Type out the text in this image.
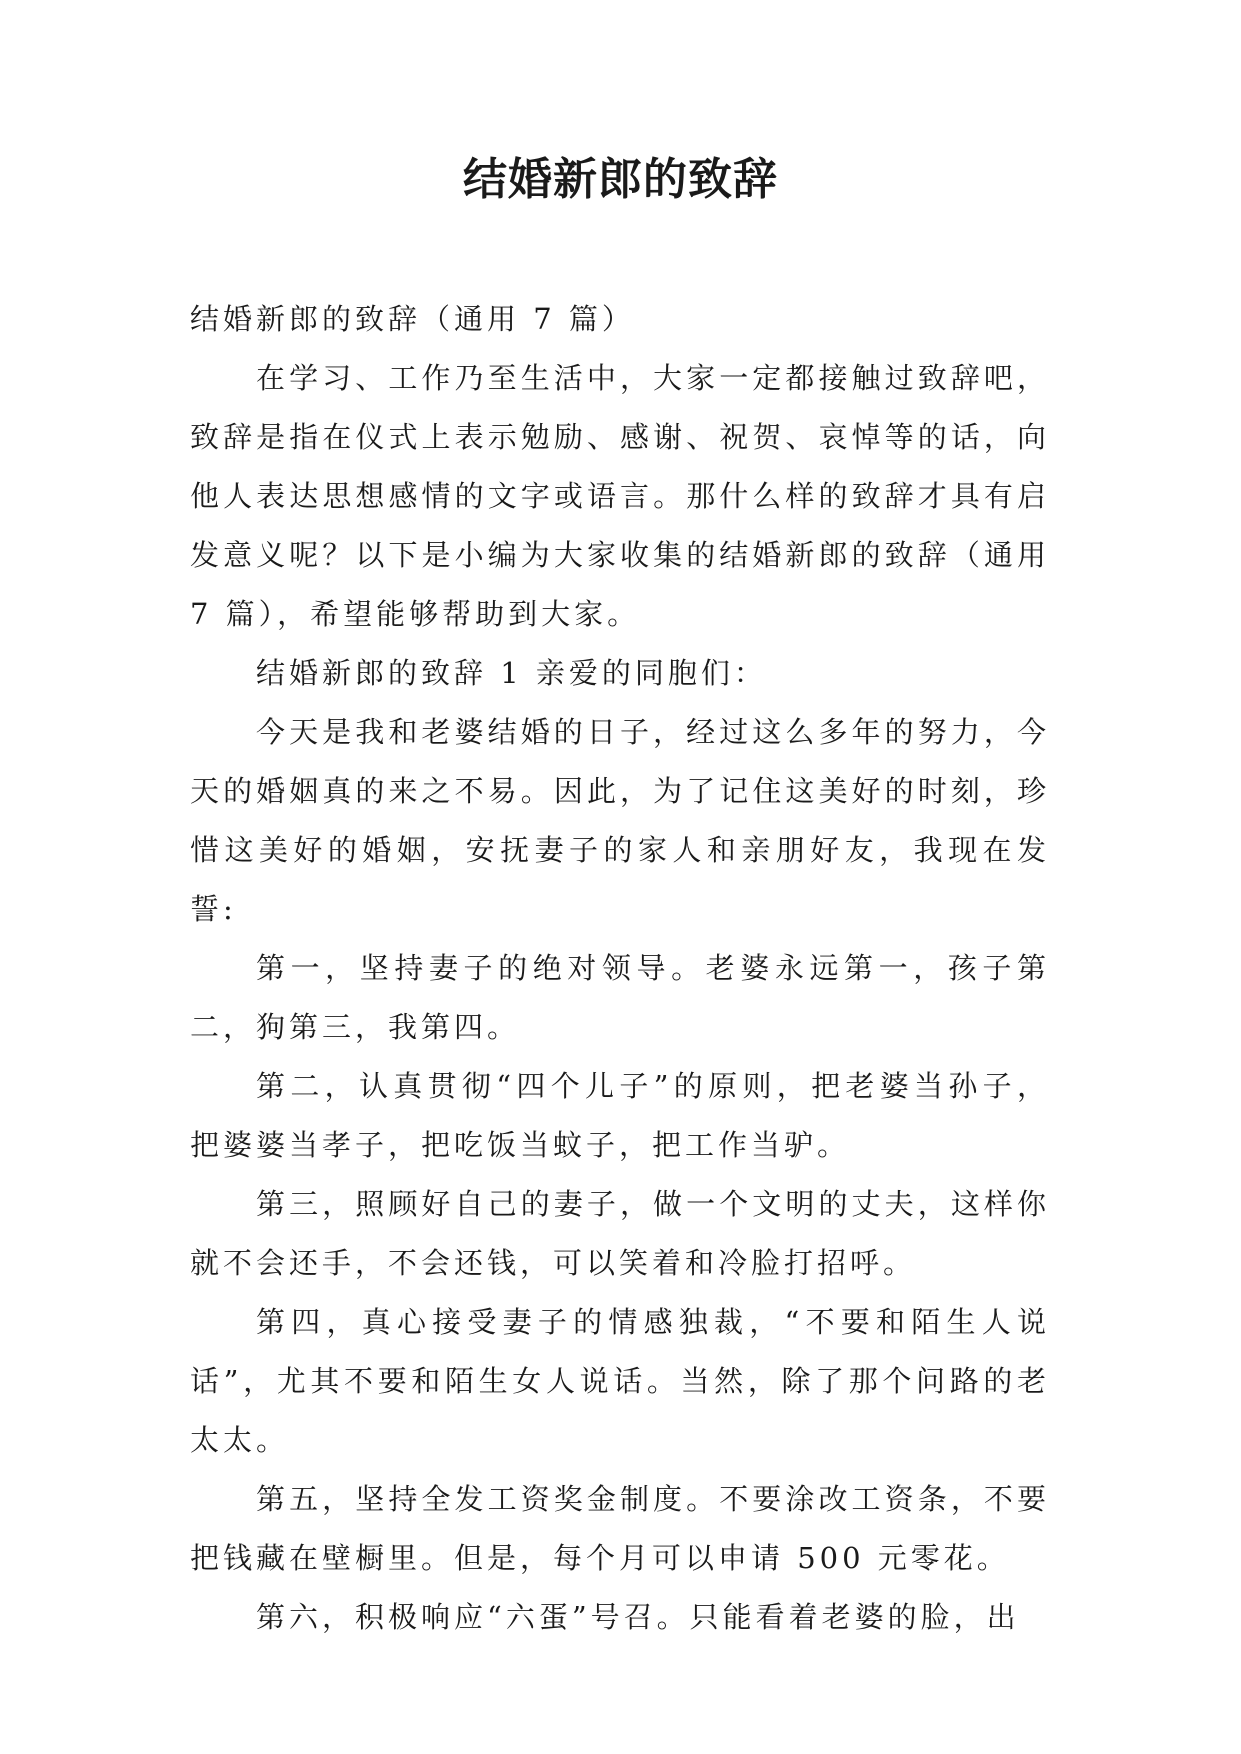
结婚新郎的致辞

结婚新郎的致辞（通用 7 篇）

在学习、工作乃至生活中，大家一定都接触过致辞吧，致辞是指在仪式上表示勉励、感谢、祝贺、哀悼等的话，向他人表达思想感情的文字或语言。那什么样的致辞才具有启发意义呢？以下是小编为大家收集的结婚新郎的致辞（通用 7 篇），希望能够帮助到大家。

结婚新郎的致辞 1 亲爱的同胞们：

今天是我和老婆结婚的日子，经过这么多年的努力，今天的婚姻真的来之不易。因此，为了记住这美好的时刻，珍惜这美好的婚姻，安抚妻子的家人和亲朋好友，我现在发誓:

第一，坚持妻子的绝对领导。老婆永远第一，孩子第二，狗第三，我第四。

第二，认真贯彻“四个儿子”的原则，把老婆当孙子，把婆婆当孝子，把吃饭当蚊子，把工作当驴。

第三，照顾好自己的妻子，做一个文明的丈夫，这样你就不会还手，不会还钱，可以笑着和冷脸打招呼。

第四，真心接受妻子的情感独裁，“不要和陌生人说话”，尤其不要和陌生女人说话。当然，除了那个问路的老太太。

第五，坚持全发工资奖金制度。不要涂改工资条，不要把钱藏在壁橱里。但是，每个月可以申请 500 元零花。

第六，积极响应“六蛋”号召。只能看着老婆的脸，出
